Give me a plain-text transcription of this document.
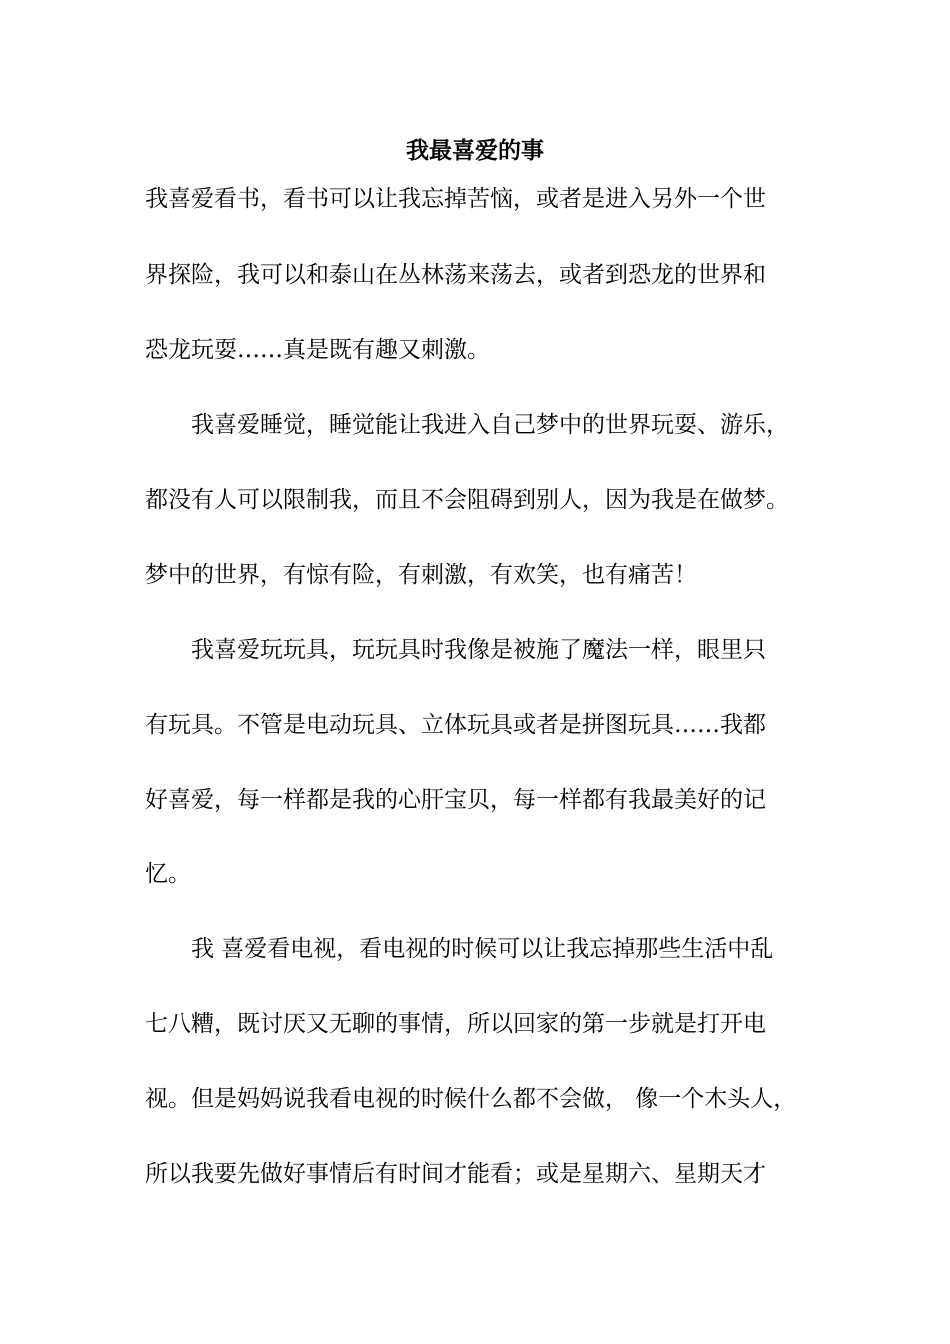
我最喜爱的事

我喜爱看书，看书可以让我忘掉苦恼，或者是进入另外一个世

界探险，我可以和泰山在丛林荡来荡去，或者到恐龙的世界和

恐龙玩耍……真是既有趣又刺激。

　　我喜爱睡觉，睡觉能让我进入自己梦中的世界玩耍、游乐，

都没有人可以限制我，而且不会阻碍到别人，因为我是在做梦。

梦中的世界，有惊有险，有刺激，有欢笑，也有痛苦！

　　我喜爱玩玩具，玩玩具时我像是被施了魔法一样，眼里只

有玩具。不管是电动玩具、立体玩具或者是拼图玩具……我都

好喜爱，每一样都是我的心肝宝贝，每一样都有我最美好的记

忆。

　　我 喜爱看电视，看电视的时候可以让我忘掉那些生活中乱

七八糟，既讨厌又无聊的事情，所以回家的第一步就是打开电

视。但是妈妈说我看电视的时候什么都不会做， 像一个木头人，

所以我要先做好事情后有时间才能看；或是星期六、星期天才
